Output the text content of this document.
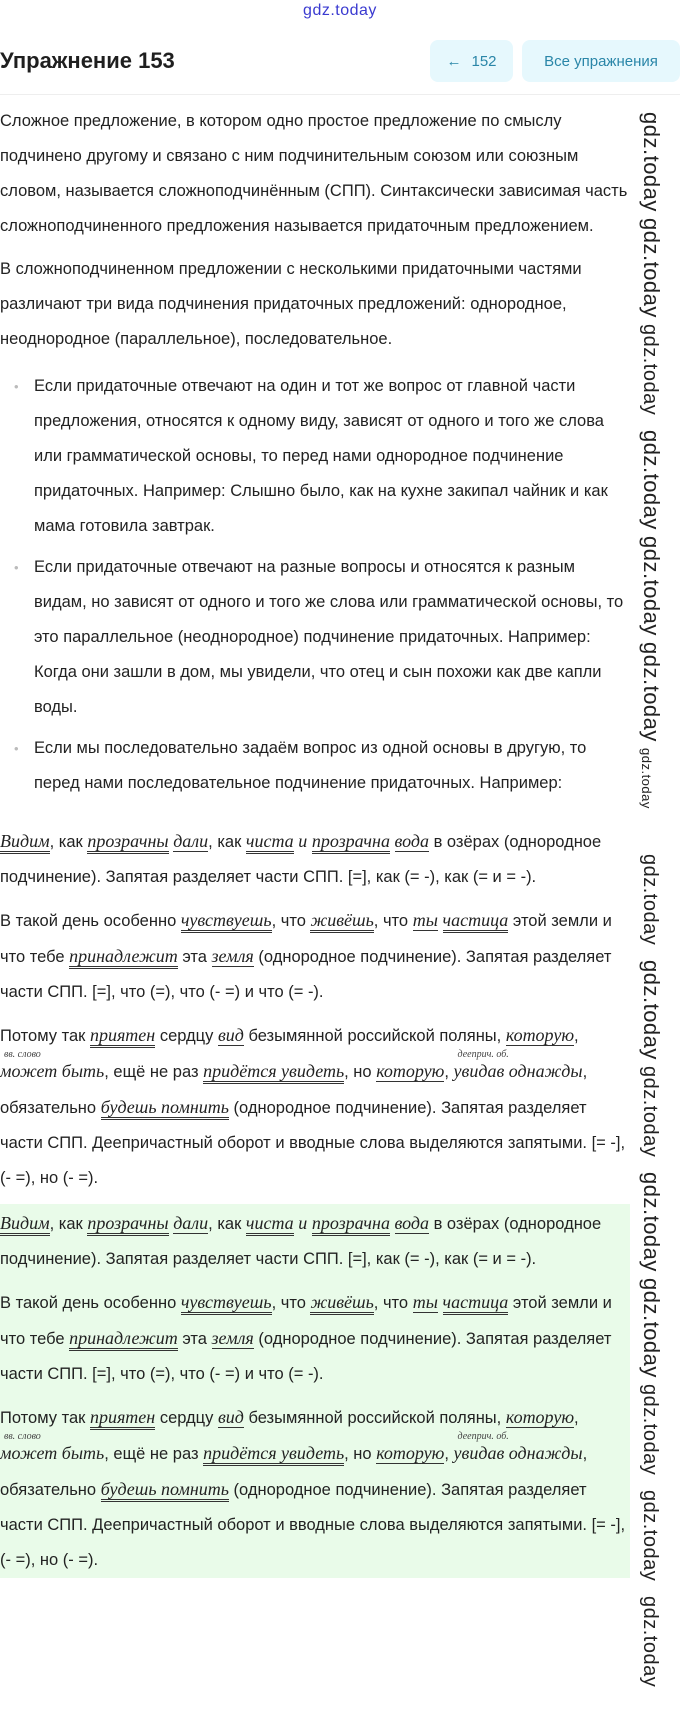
gdz.today
Упражнение 153	← 152	Все упражнения

Сложное предложение, в котором одно простое предложение по смыслу подчинено другому и связано с ним подчинительным союзом или союзным словом, называется сложноподчинённым (СПП). Синтаксически зависимая часть сложноподчиненного предложения называется придаточным предложением.

В сложноподчиненном предложении с несколькими придаточными частями различают три вида подчинения придаточных предложений: однородное, неоднородное (параллельное), последовательное.

• Если придаточные отвечают на один и тот же вопрос от главной части предложения, относятся к одному виду, зависят от одного и того же слова или грамматической основы, то перед нами однородное подчинение придаточных. Например: Слышно было, как на кухне закипал чайник и как мама готовила завтрак.
• Если придаточные отвечают на разные вопросы и относятся к разным видам, но зависят от одного и того же слова или грамматической основы, то это параллельное (неоднородное) подчинение придаточных. Например: Когда они зашли в дом, мы увидели, что отец и сын похожи как две капли воды.
• Если мы последовательно задаём вопрос из одной основы в другую, то перед нами последовательное подчинение придаточных. Например:

Видим, как прозрачны дали, как чиста и прозрачна вода в озёрах (однородное подчинение). Запятая разделяет части СПП. [=], как (= -), как (= и = -).

В такой день особенно чувствуешь, что живёшь, что ты частица этой земли и что тебе принадлежит эта земля (однородное подчинение). Запятая разделяет части СПП. [=], что (=), что (- =) и что (= -).

Потому так приятен сердцу вид безымянной российской поляны, которую, может быть
вв. слово
, ещё не раз придётся увидеть, но которую, увидав однажды
дееприч. об.
, обязательно будешь помнить (однородное подчинение). Запятая разделяет части СПП. Деепричастный оборот и вводные слова выделяются запятыми. [= -], (- =), но (- =).

Видим, как прозрачны дали, как чиста и прозрачна вода в озёрах (однородное подчинение). Запятая разделяет части СПП. [=], как (= -), как (= и = -).

В такой день особенно чувствуешь, что живёшь, что ты частица этой земли и что тебе принадлежит эта земля (однородное подчинение). Запятая разделяет части СПП. [=], что (=), что (- =) и что (= -).

Потому так приятен сердцу вид безымянной российской поляны, которую, может быть
вв. слово
, ещё не раз придётся увидеть, но которую, увидав однажды
дееприч. об.
, обязательно будешь помнить (однородное подчинение). Запятая разделяет части СПП. Деепричастный оборот и вводные слова выделяются запятыми. [= -], (- =), но (- =).

gdz.today
gdz.today
gdz.today
gdz.today
gdz.today
gdz.today
gdz.today
gdz.today
gdz.today
gdz.today
gdz.today
gdz.today
gdz.today
gdz.today
gdz.today
